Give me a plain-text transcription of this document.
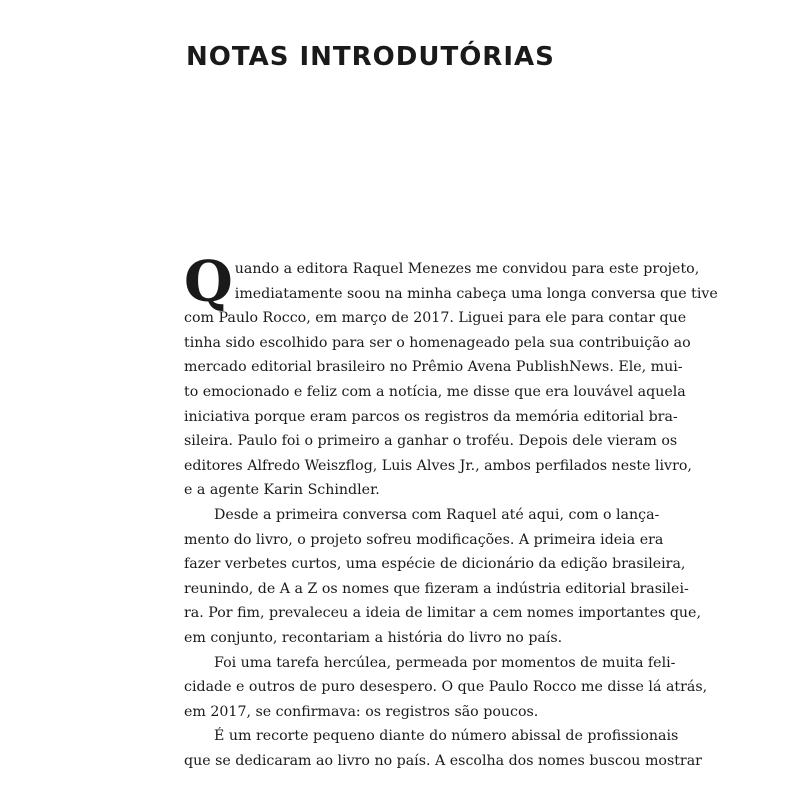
NOTAS INTRODUTÓRIAS
Q uando a editora Raquel Menezes me convidou para este projeto,
imediatamente soou na minha cabeça uma longa conversa que tive
com Paulo Rocco, em março de 2017. Liguei para ele para contar que
tinha sido escolhido para ser o homenageado pela sua contribuição ao
mercado editorial brasileiro no Prêmio Avena PublishNews. Ele, mui-
to emocionado e feliz com a notícia, me disse que era louvável aquela
iniciativa porque eram parcos os registros da memória editorial bra-
sileira. Paulo foi o primeiro a ganhar o troféu. Depois dele vieram os
editores Alfredo Weiszflog, Luis Alves Jr., ambos perfilados neste livro,
e a agente Karin Schindler.
Desde a primeira conversa com Raquel até aqui, com o lança-
mento do livro, o projeto sofreu modificações. A primeira ideia era
fazer verbetes curtos, uma espécie de dicionário da edição brasileira,
reunindo, de A a Z os nomes que fizeram a indústria editorial brasilei-
ra. Por fim, prevaleceu a ideia de limitar a cem nomes importantes que,
em conjunto, recontariam a história do livro no país.
Foi uma tarefa hercúlea, permeada por momentos de muita feli-
cidade e outros de puro desespero. O que Paulo Rocco me disse lá atrás,
em 2017, se confirmava: os registros são poucos.
É um recorte pequeno diante do número abissal de profissionais
que se dedicaram ao livro no país. A escolha dos nomes buscou mostrar
